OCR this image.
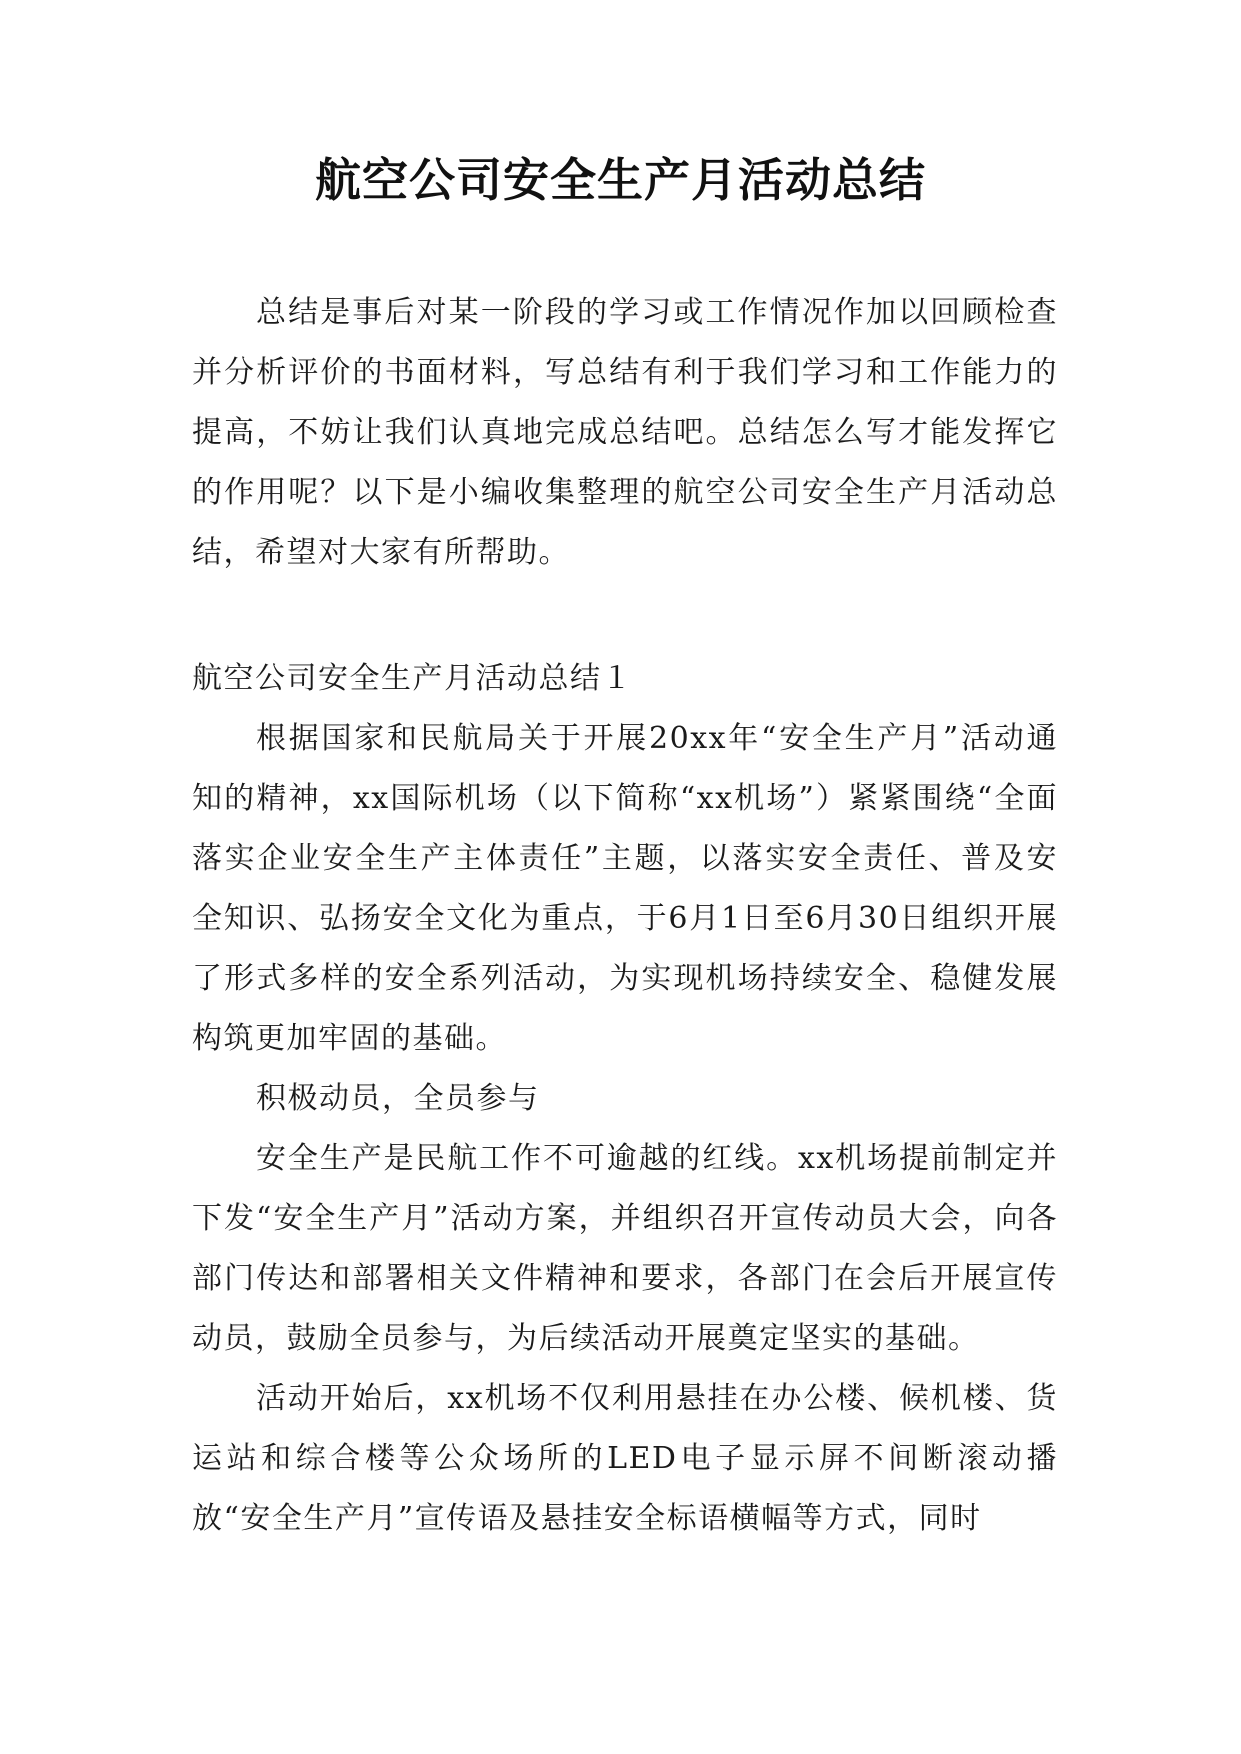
航空公司安全生产月活动总结

总结是事后对某一阶段的学习或工作情况作加以回顾检查并分析评价的书面材料，写总结有利于我们学习和工作能力的提高，不妨让我们认真地完成总结吧。总结怎么写才能发挥它的作用呢？以下是小编收集整理的航空公司安全生产月活动总结，希望对大家有所帮助。

航空公司安全生产月活动总结１

根据国家和民航局关于开展20xx年“安全生产月”活动通知的精神，xx国际机场（以下简称“xx机场”）紧紧围绕“全面落实企业安全生产主体责任”主题，以落实安全责任、普及安全知识、弘扬安全文化为重点，于6月1日至6月30日组织开展了形式多样的安全系列活动，为实现机场持续安全、稳健发展构筑更加牢固的基础。

积极动员，全员参与

安全生产是民航工作不可逾越的红线。xx机场提前制定并下发“安全生产月”活动方案，并组织召开宣传动员大会，向各部门传达和部署相关文件精神和要求，各部门在会后开展宣传动员，鼓励全员参与，为后续活动开展奠定坚实的基础。

活动开始后，xx机场不仅利用悬挂在办公楼、候机楼、货运站和综合楼等公众场所的LED电子显示屏不间断滚动播放“安全生产月”宣传语及悬挂安全标语横幅等方式，同时
